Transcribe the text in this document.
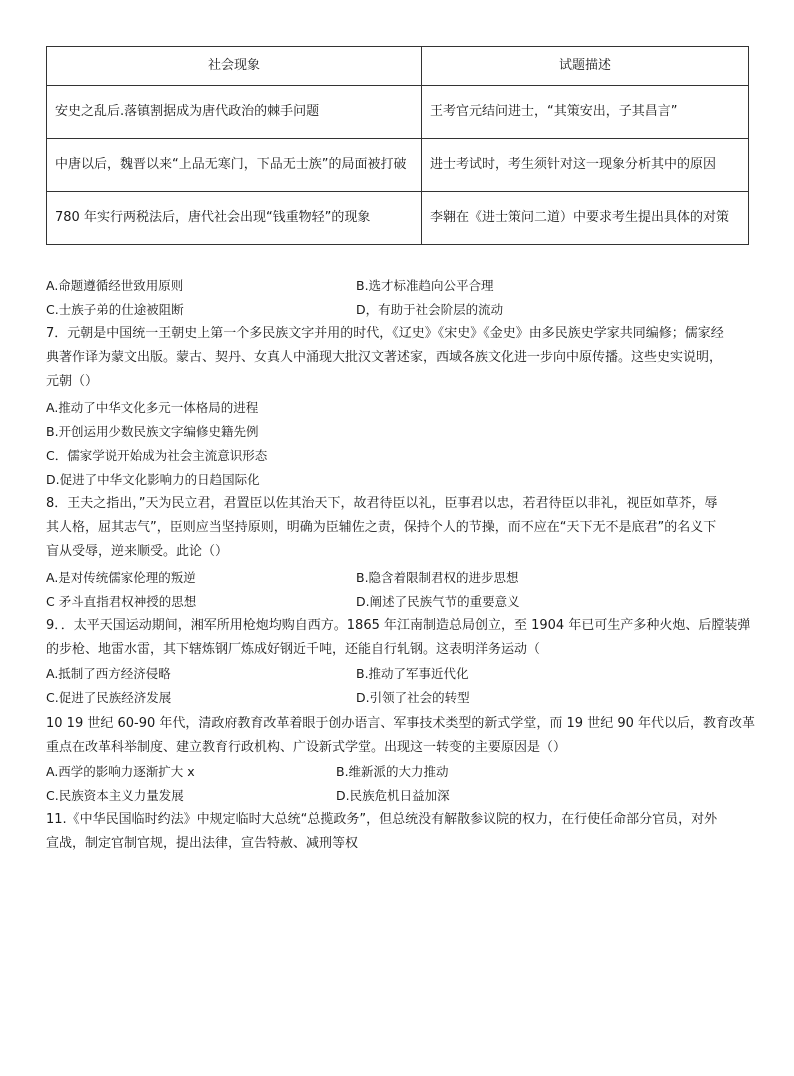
社会现象	试题描述
安史之乱后.落镇割据成为唐代政治的棘手问题	王考官元结问进士，“其策安出，子其昌言”
中唐以后，魏晋以来“上品无寒门，下品无士族”的局面被打破	进士考试时，考生须针对这一现象分析其中的原因
780 年实行两税法后，唐代社会出现“钱重物轻”的现象	李翱在《进士策问二道）中要求考生提出具体的对策
A.命题遵循经世致用原则	B.选才标准趋向公平合理
C.士族子弟的仕途被阻断	D，有助于社会阶层的流动
7．元朝是中国统一王朝史上第一个多民族文字并用的时代，《辽史》《宋史》《金史》由多民族史学家共同编修；儒家经
典著作译为蒙文出版。蒙古、契丹、女真人中涌现大批汉文著述家，西域各族文化进一步向中原传播。这些史实说明，
元朝（）
A.推动了中华文化多元一体格局的进程
B.开创运用少数民族文字编修史籍先例
C．儒家学说开始成为社会主流意识形态
D.促进了中华文化影响力的日趋国际化
8．王夫之指出，”天为民立君，君置臣以佐其治天下，故君待臣以礼，臣事君以忠，若君待臣以非礼，视臣如草芥，辱
其人格，屈其志气”，臣则应当坚持原则，明确为臣辅佐之责，保持个人的节操，而不应在“天下无不是底君”的名义下
盲从受辱，逆来顺受。此论（）
A.是对传统儒家伦理的叛逆	B.隐含着限制君权的进步思想
C 矛斗直指君权神授的思想	D.阐述了民族气节的重要意义
9．．太平天国运动期间，湘军所用枪炮均购自西方。1865 年江南制造总局创立，至 1904 年已可生产多种火炮、后膛装弹
的步枪、地雷水雷，其下辖炼钢厂炼成好钢近千吨，还能自行轧钢。这表明洋务运动（
A.抵制了西方经济侵略	B.推动了军事近代化
C.促进了民族经济发展	D.引领了社会的转型
10 19 世纪 60-90 年代，清政府教育改革着眼于创办语言、军事技术类型的新式学堂，而 19 世纪 90 年代以后，教育改革
重点在改革科举制度、建立教育行政机构、广设新式学堂。出现这一转变的主要原因是（）
A.西学的影响力逐渐扩大 x	B.维新派的大力推动
C.民族资本主义力量发展	D.民族危机日益加深
11.《中华民国临时约法》中规定临时大总统“总揽政务”，但总统没有解散参议院的权力，在行使任命部分官员，对外
宣战，制定官制官规，提出法律，宣告特赦、减刑等权
